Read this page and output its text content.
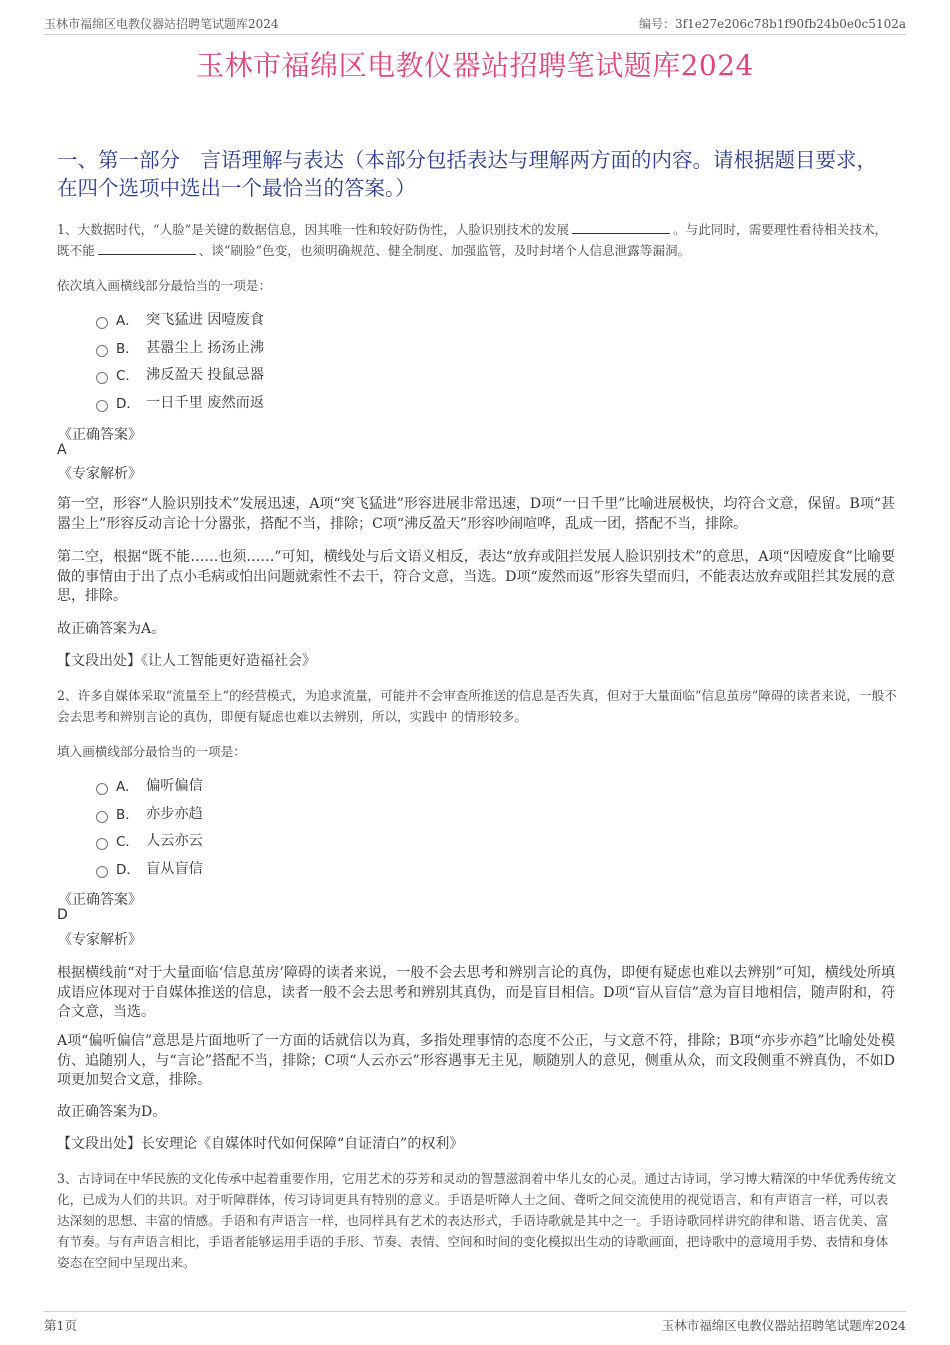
玉林市福绵区电教仪器站招聘笔试题库2024	编号：3f1e27e206c78b1f90fb24b0e0c5102a
玉林市福绵区电教仪器站招聘笔试题库2024
一、第一部分　言语理解与表达（本部分包括表达与理解两方面的内容。请根据题目要求，在四个选项中选出一个最恰当的答案。）
1、大数据时代，“人脸”是关键的数据信息，因其唯一性和较好防伪性，人脸识别技术的发展	。与此同时，需要理性看待相关技术，既不能	、谈“刷脸”色变，也须明确规范、健全制度、加强监管，及时封堵个人信息泄露等漏洞。
依次填入画横线部分最恰当的一项是：
A． 突飞猛进 因噎废食
B． 甚嚣尘上 扬汤止沸
C． 沸反盈天 投鼠忌器
D． 一日千里 废然而返
《正确答案》
A
《专家解析》
第一空，形容“人脸识别技术”发展迅速，A项“突飞猛进”形容进展非常迅速，D项“一日千里”比喻进展极快，均符合文意，保留。B项“甚嚣尘上”形容反动言论十分嚣张，搭配不当，排除；C项“沸反盈天”形容吵闹喧哗，乱成一团，搭配不当，排除。
第二空，根据“既不能……也须……”可知，横线处与后文语义相反，表达“放弃或阻拦发展人脸识别技术”的意思，A项“因噎废食”比喻要做的事情由于出了点小毛病或怕出问题就索性不去干，符合文意，当选。D项“废然而返”形容失望而归，不能表达放弃或阻拦其发展的意思，排除。
故正确答案为A。
【文段出处】《让人工智能更好造福社会》
2、许多自媒体采取“流量至上”的经营模式，为追求流量，可能并不会审查所推送的信息是否失真，但对于大量面临“信息茧房”障碍的读者来说，一般不会去思考和辨别言论的真伪，即便有疑虑也难以去辨别，所以，实践中 的情形较多。
填入画横线部分最恰当的一项是：
A． 偏听偏信
B． 亦步亦趋
C． 人云亦云
D． 盲从盲信
《正确答案》
D
《专家解析》
根据横线前“对于大量面临‘信息茧房’障碍的读者来说，一般不会去思考和辨别言论的真伪，即便有疑虑也难以去辨别”可知，横线处所填成语应体现对于自媒体推送的信息，读者一般不会去思考和辨别其真伪，而是盲目相信。D项“盲从盲信”意为盲目地相信，随声附和，符合文意，当选。
A项“偏听偏信”意思是片面地听了一方面的话就信以为真，多指处理事情的态度不公正，与文意不符，排除；B项“亦步亦趋”比喻处处模仿、追随别人，与“言论”搭配不当，排除；C项“人云亦云”形容遇事无主见，顺随别人的意见，侧重从众，而文段侧重不辨真伪，不如D项更加契合文意，排除。
故正确答案为D。
【文段出处】长安理论《自媒体时代如何保障“自证清白”的权利》
3、古诗词在中华民族的文化传承中起着重要作用，它用艺术的芬芳和灵动的智慧滋润着中华儿女的心灵。通过古诗词，学习博大精深的中华优秀传统文化，已成为人们的共识。对于听障群体，传习诗词更具有特别的意义。手语是听障人士之间、聋听之间交流使用的视觉语言，和有声语言一样，可以表达深刻的思想、丰富的情感。手语和有声语言一样，也同样具有艺术的表达形式，手语诗歌就是其中之一。手语诗歌同样讲究韵律和谐、语言优美、富有节奏。与有声语言相比，手语者能够运用手语的手形、节奏、表情、空间和时间的变化模拟出生动的诗歌画面，把诗歌中的意境用手势、表情和身体姿态在空间中呈现出来。
第1页	玉林市福绵区电教仪器站招聘笔试题库2024
